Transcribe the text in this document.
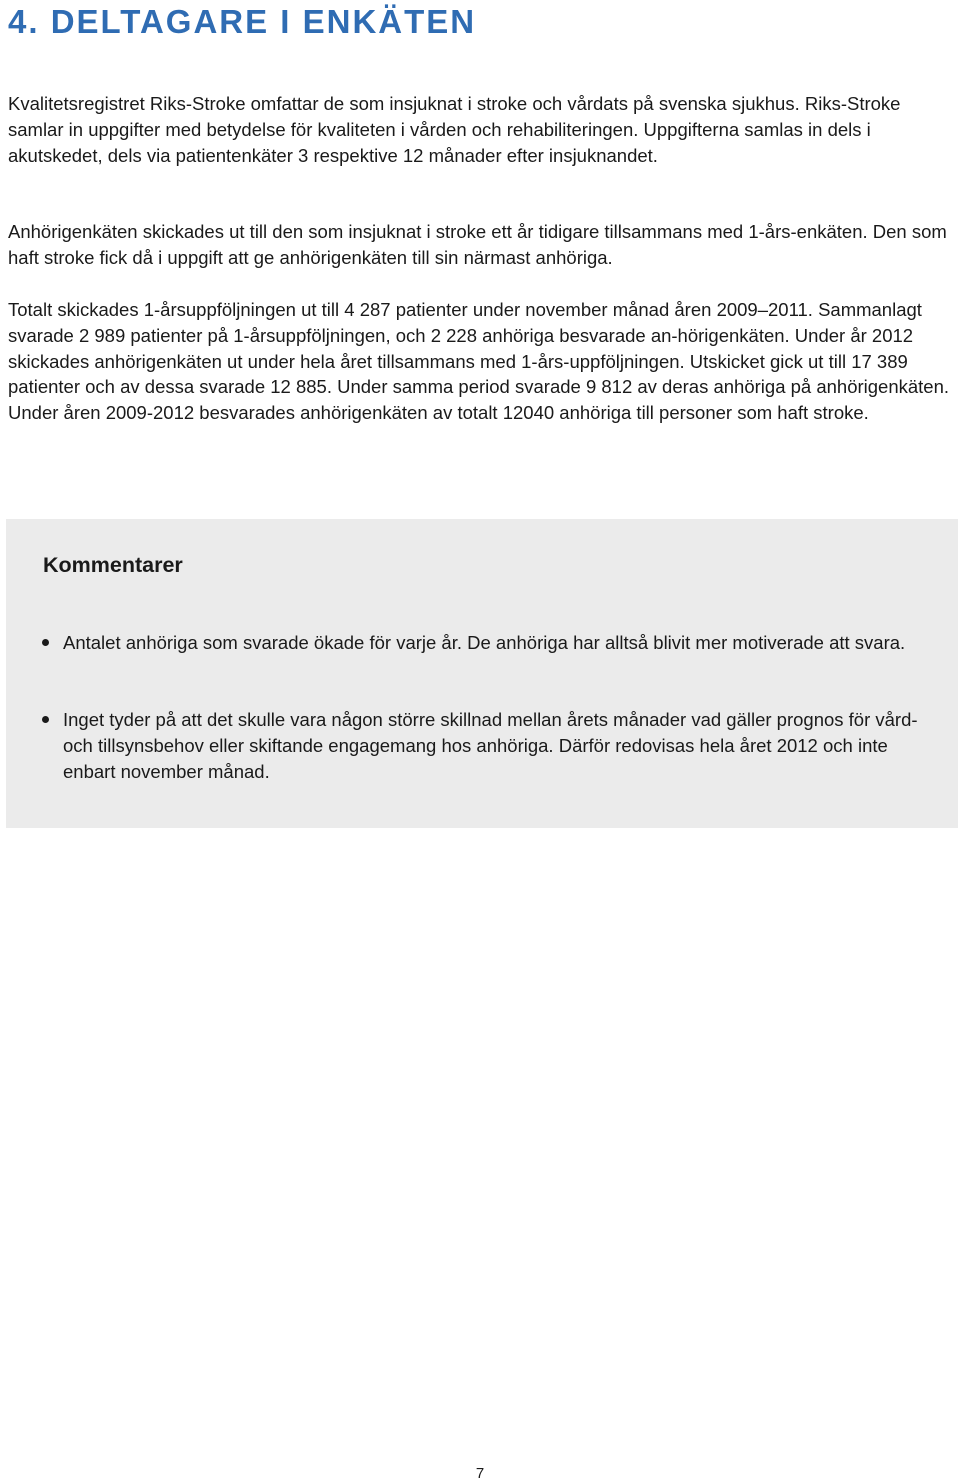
4. DELTAGARE I ENKÄTEN

Kvalitetsregistret Riks-Stroke omfattar de som insjuknat i stroke och vårdats på svenska sjukhus. Riks-Stroke samlar in uppgifter med betydelse för kvaliteten i vården och rehabiliteringen. Uppgifterna samlas in dels i akutskedet, dels via patientenkäter 3 respektive 12 månader efter insjuknandet.

Anhörigenkäten skickades ut till den som insjuknat i stroke ett år tidigare tillsammans med 1-års-enkäten. Den som haft stroke fick då i uppgift att ge anhörigenkäten till sin närmast anhöriga.

Totalt skickades 1-årsuppföljningen ut till 4 287 patienter under november månad åren 2009–2011. Sammanlagt svarade 2 989 patienter på 1-årsuppföljningen, och 2 228 anhöriga besvarade an-hörigenkäten. Under år 2012 skickades anhörigenkäten ut under hela året tillsammans med 1-års-uppföljningen. Utskicket gick ut till 17 389 patienter och av dessa svarade 12 885. Under samma period svarade 9 812 av deras anhöriga på anhörigenkäten. Under åren 2009-2012 besvarades anhörigenkäten av totalt 12040 anhöriga till personer som haft stroke.

Kommentarer
Antalet anhöriga som svarade ökade för varje år. De anhöriga har alltså blivit mer motiverade att svara.
Inget tyder på att det skulle vara någon större skillnad mellan årets månader vad gäller prognos för vård- och tillsynsbehov eller skiftande engagemang hos anhöriga. Därför redovisas hela året 2012 och inte enbart november månad.
7
